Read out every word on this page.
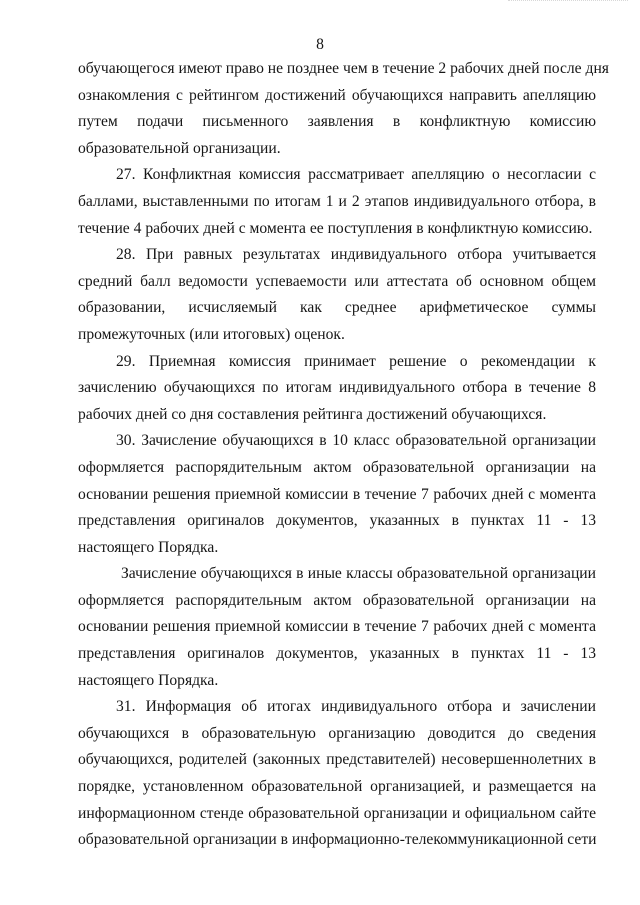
8
обучающегося имеют право не позднее чем в течение 2 рабочих дней после дня
ознакомления с рейтингом достижений обучающихся направить апелляцию
путем подачи письменного заявления в конфликтную комиссию
образовательной организации.
27. Конфликтная комиссия рассматривает апелляцию о несогласии с
баллами, выставленными по итогам 1 и 2 этапов индивидуального отбора, в
течение 4 рабочих дней с момента ее поступления в конфликтную комиссию.
28. При равных результатах индивидуального отбора учитывается
средний балл ведомости успеваемости или аттестата об основном общем
образовании, исчисляемый как среднее арифметическое суммы
промежуточных (или итоговых) оценок.
29. Приемная комиссия принимает решение о рекомендации к
зачислению обучающихся по итогам индивидуального отбора в течение 8
рабочих дней со дня составления рейтинга достижений обучающихся.
30. Зачисление обучающихся в 10 класс образовательной организации
оформляется распорядительным актом образовательной организации на
основании решения приемной комиссии в течение 7 рабочих дней с момента
представления оригиналов документов, указанных в пунктах 11 - 13
настоящего Порядка.
Зачисление обучающихся в иные классы образовательной организации
оформляется распорядительным актом образовательной организации на
основании решения приемной комиссии в течение 7 рабочих дней с момента
представления оригиналов документов, указанных в пунктах 11 - 13
настоящего Порядка.
31. Информация об итогах индивидуального отбора и зачислении
обучающихся в образовательную организацию доводится до сведения
обучающихся, родителей (законных представителей) несовершеннолетних в
порядке, установленном образовательной организацией, и размещается на
информационном стенде образовательной организации и официальном сайте
образовательной организации в информационно-телекоммуникационной сети
